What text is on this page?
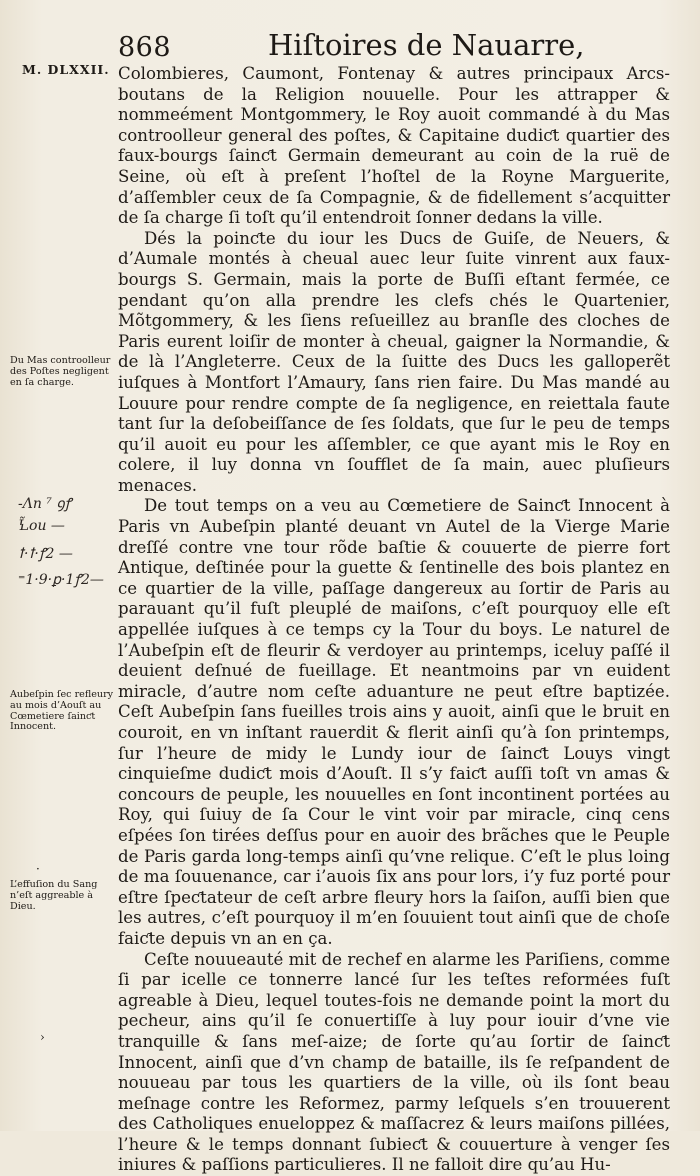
868	Hiſtoires de Nauarre,
M. DLXXII. Colombieres, Caumont, Fontenay & autres principaux Arcs-boutans de la Religion nouuelle. Pour les attrapper & nommeément Montgommery, le Roy auoit commandé à du Mas controolleur general des poſtes, & Capitaine dudiƈt quartier des faux-bourgs ſainƈt Germain demeurant au coin de la ruë de Seine, où eſt à preſent l’hoſtel de la Royne Marguerite, d’aſſembler ceux de ſa Compagnie, & de fidellement s’acquitter de ſa charge ſi toſt qu’il entendroit ſonner dedans la ville.

Dés la poinƈte du iour les Ducs de Guiſe, de Neuers, & d’Aumale montés à cheual auec leur ſuite vinrent aux faux-bourgs S. Germain, mais la porte de Buſſi eſtant fermée, ce pendant qu’on alla prendre les clefs chés le Quartenier, Mõtgommery, & les ſiens reſueillez au branſle des cloches de Paris eurent loiſir de monter à cheual, gaigner la Normandie, & de là l’Angleterre. Ceux de la ſuitte des Ducs les galloperẽt iuſques à Montfort l’Amaury, ſans rien faire. Du Mas mandé au Louure pour rendre compte de ſa negligence, en reiettala faute tant ſur la deſobeiſſance de ſes ſoldats, que ſur le peu de temps qu’il auoit eu pour les aſſembler, ce que ayant mis le Roy en colere, il luy donna vn ſoufflet de ſa main, auec pluſieurs menaces.

De tout temps on a veu au Cœmetiere de Sainƈt Innocent à Paris vn Aubeſpin planté deuant vn Autel de la Vierge Marie dreſſé contre vne tour rõde baſtie & couuerte de pierre fort Antique, deſtinée pour la guette & ſentinelle des bois plantez en ce quartier de la ville, paſſage dangereux au ſortir de Paris au parauant qu’il fuſt pleuplé de maiſons, c’eſt pourquoy elle eſt appellée iuſques à ce temps cy la Tour du boys. Le naturel de l’Aubeſpin eſt de fleurir & verdoyer au printemps, iceluy paſſé il deuient deſnué de fueillage. Et neantmoins par vn euident miracle, d’autre nom ceſte aduanture ne peut eſtre baptizée. Ceſt Aubeſpin ſans fueilles trois ains y auoit, ainſi que le bruit en couroit, en vn inſtant rauerdit & flerit ainſi qu’à ſon printemps, ſur l’heure de midy le Lundy iour de ſainƈt Louys vingt cinquieſme dudiƈt mois d’Aouſt. Il s’y faiƈt auſſi toſt vn amas & concours de peuple, les nouuelles en ſont incontinent portées au Roy, qui ſuiuy de ſa Cour le vint voir par miracle, cinq cens eſpées ſon tirées deſſus pour en auoir des brãches que le Peuple de Paris garda long-temps ainſi qu’vne relique. C’eſt le plus loing de ma ſouuenance, car i’auois ſix ans pour lors, i’y fuz porté pour eſtre ſpeƈtateur de ceſt arbre fleury hors la ſaiſon, auſſi bien que les autres, c’eſt pourquoy il m’en ſouuient tout ainſi que de choſe faiƈte depuis vn an en ça.

Ceſte nouueauté mit de rechef en alarme les Pariſiens, comme ſi par icelle ce tonnerre lancé ſur les teſtes reformées fuſt agreable à Dieu, lequel toutes-fois ne demande point la mort du pecheur, ains qu’il ſe conuertiſſe à luy pour iouir d’vne vie tranquille & ſans meſ-aize; de ſorte qu’au ſortir de ſainƈt Innocent, ainſi que d’vn champ de bataille, ils ſe reſpandent de nouueau par tous les quartiers de la ville, où ils ſont beau meſnage contre les Reformez, parmy leſquels s’en trouuerent des Catholiques enueloppez & maſſacrez & leurs maiſons pillées, l’heure & le temps donnant ſubieƈt & couuerture à venger ſes iniures & paſſions particulieres. Il ne falloit dire qu’au Hu-

Du Mas controolleur des Poſtes negligent en ſa charge.
Aubeſpin ſec refleury au mois d’Aouſt au Cœmetiere ſainƈt Innocent.
L’effuſion du Sang n’eſt aggreable à Dieu.
-Λn ⁷ ꝯꝭ
Ꝇ̃ou —
ꝉ·ꝉ·ꝭ2 —
⁼1·9·ꝑ·1ꝭ2—
·
›
